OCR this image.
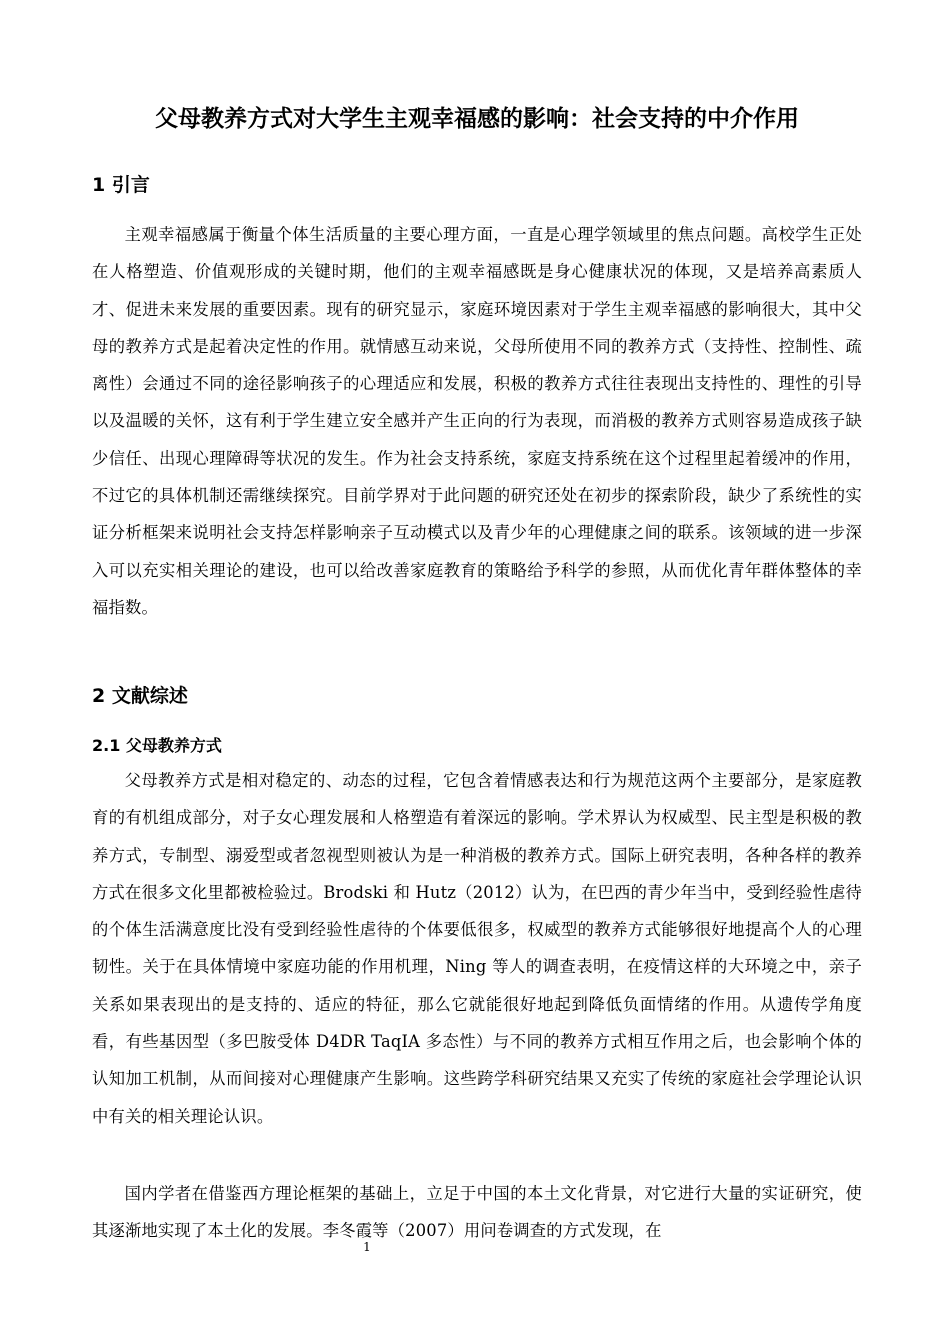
父母教养方式对大学生主观幸福感的影响：社会支持的中介作用
1 引言

主观幸福感属于衡量个体生活质量的主要心理方面，一直是心理学领域里的焦点问题。高校学生正处在人格塑造、价值观形成的关键时期，他们的主观幸福感既是身心健康状况的体现，又是培养高素质人才、促进未来发展的重要因素。现有的研究显示，家庭环境因素对于学生主观幸福感的影响很大，其中父母的教养方式是起着决定性的作用。就情感互动来说，父母所使用不同的教养方式（支持性、控制性、疏离性）会通过不同的途径影响孩子的心理适应和发展，积极的教养方式往往表现出支持性的、理性的引导以及温暖的关怀，这有利于学生建立安全感并产生正向的行为表现，而消极的教养方式则容易造成孩子缺少信任、出现心理障碍等状况的发生。作为社会支持系统，家庭支持系统在这个过程里起着缓冲的作用，不过它的具体机制还需继续探究。目前学界对于此问题的研究还处在初步的探索阶段，缺少了系统性的实证分析框架来说明社会支持怎样影响亲子互动模式以及青少年的心理健康之间的联系。该领域的进一步深入可以充实相关理论的建设，也可以给改善家庭教育的策略给予科学的参照，从而优化青年群体整体的幸福指数。

2 文献综述
2.1 父母教养方式

父母教养方式是相对稳定的、动态的过程，它包含着情感表达和行为规范这两个主要部分，是家庭教育的有机组成部分，对子女心理发展和人格塑造有着深远的影响。学术界认为权威型、民主型是积极的教养方式，专制型、溺爱型或者忽视型则被认为是一种消极的教养方式。国际上研究表明，各种各样的教养方式在很多文化里都被检验过。Brodski 和 Hutz（2012）认为，在巴西的青少年当中，受到经验性虐待的个体生活满意度比没有受到经验性虐待的个体要低很多，权威型的教养方式能够很好地提高个人的心理韧性。关于在具体情境中家庭功能的作用机理，Ning 等人的调查表明，在疫情这样的大环境之中，亲子关系如果表现出的是支持的、适应的特征，那么它就能很好地起到降低负面情绪的作用。从遗传学角度看，有些基因型（多巴胺受体 D4DR TaqIA 多态性）与不同的教养方式相互作用之后，也会影响个体的认知加工机制，从而间接对心理健康产生影响。这些跨学科研究结果又充实了传统的家庭社会学理论认识中有关的相关理论认识。

国内学者在借鉴西方理论框架的基础上，立足于中国的本土文化背景，对它进行大量的实证研究，使其逐渐地实现了本土化的发展。李冬霞等（2007）用问卷调查的方式发现，在

1
